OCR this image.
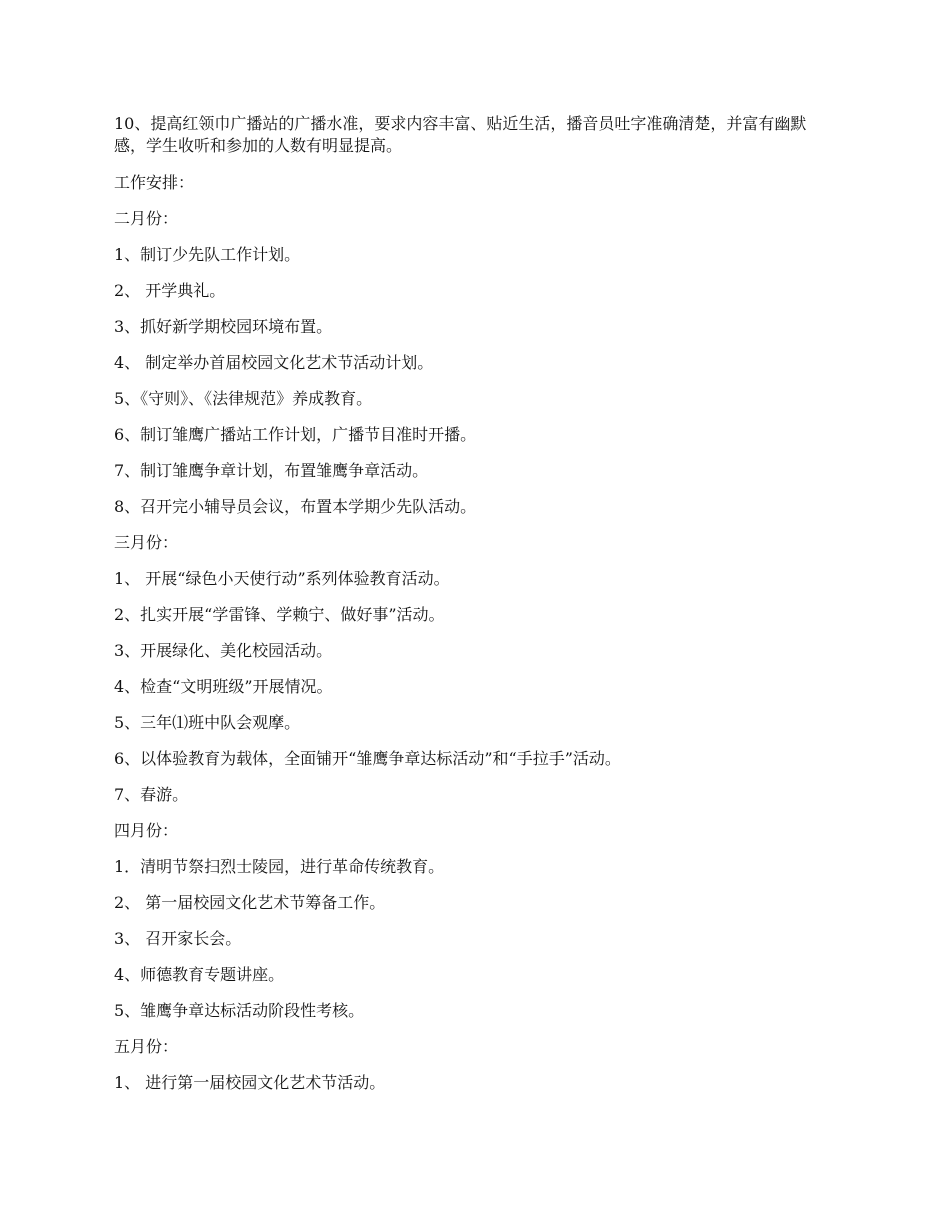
10、提高红领巾广播站的广播水准，要求内容丰富、贴近生活，播音员吐字准确清楚，并富有幽默感，学生收听和参加的人数有明显提高。

工作安排：
二月份：
1、制订少先队工作计划。
2、 开学典礼。
3、抓好新学期校园环境布置。
4、 制定举办首届校园文化艺术节活动计划。
5、《守则》、《法律规范》养成教育。
6、制订雏鹰广播站工作计划，广播节目准时开播。
7、制订雏鹰争章计划，布置雏鹰争章活动。
8、召开完小辅导员会议，布置本学期少先队活动。
三月份：
1、 开展“绿色小天使行动”系列体验教育活动。
2、扎实开展“学雷锋、学赖宁、做好事”活动。
3、开展绿化、美化校园活动。
4、检查“文明班级”开展情况。
5、三年⑴班中队会观摩。
6、以体验教育为载体，全面铺开“雏鹰争章达标活动”和“手拉手”活动。
7、春游。
四月份：
1．清明节祭扫烈士陵园，进行革命传统教育。
2、 第一届校园文化艺术节筹备工作。
3、 召开家长会。
4、师德教育专题讲座。
5、雏鹰争章达标活动阶段性考核。
五月份：
1、 进行第一届校园文化艺术节活动。
